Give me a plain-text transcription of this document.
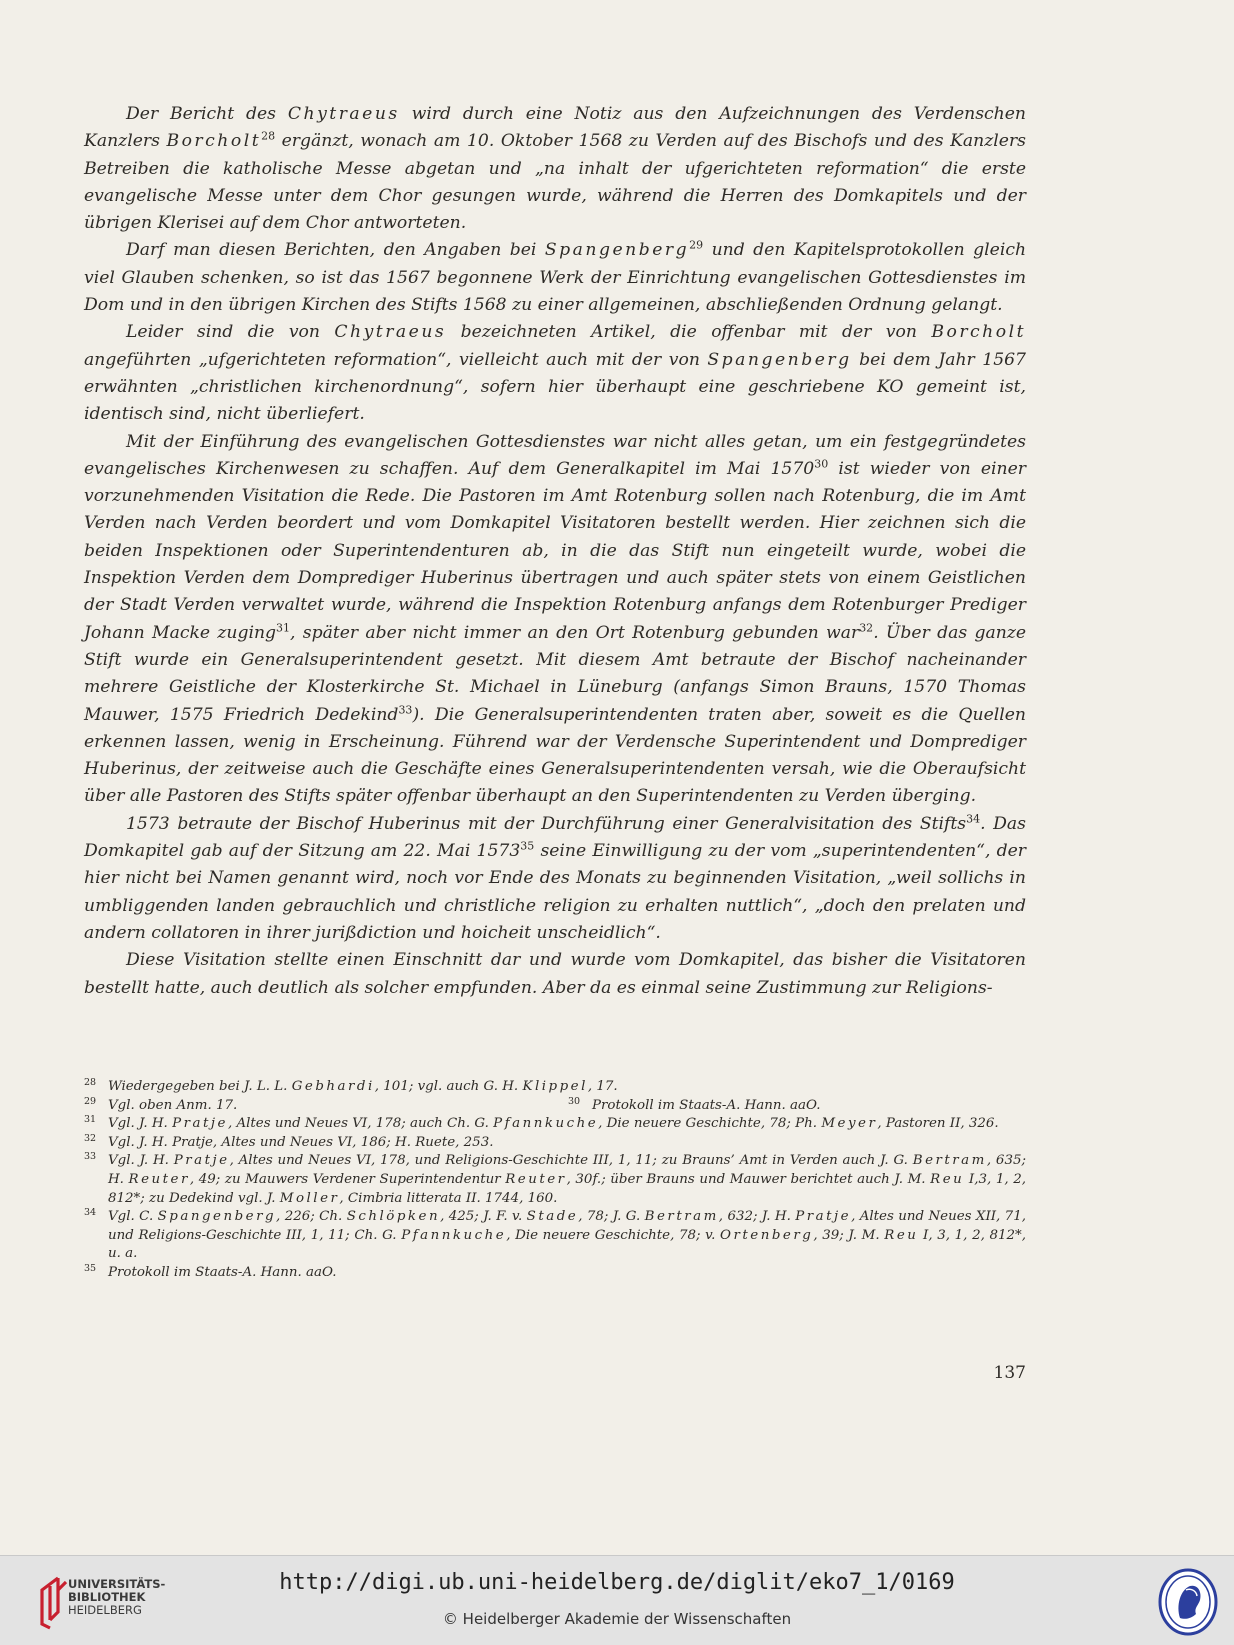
Der Bericht des Chytraeus wird durch eine Notiz aus den Aufzeichnungen des Verdenschen Kanzlers Borcholt$^{28}$ ergänzt, wonach am 10. Oktober 1568 zu Verden auf des Bischofs und des Kanzlers Betreiben die katholische Messe abgetan und „na inhalt der ufgerichteten reformation“ die erste evangelische Messe unter dem Chor gesungen wurde, während die Herren des Domkapitels und der übrigen Klerisei auf dem Chor antworteten.

Darf man diesen Berichten, den Angaben bei Spangenberg$^{29}$ und den Kapitelsprotokollen gleich viel Glauben schenken, so ist das 1567 begonnene Werk der Einrichtung evangelischen Gottesdienstes im Dom und in den übrigen Kirchen des Stifts 1568 zu einer allgemeinen, abschließenden Ordnung gelangt.

Leider sind die von Chytraeus bezeichneten Artikel, die offenbar mit der von Borcholt angeführten „ufgerichteten reformation“, vielleicht auch mit der von Spangenberg bei dem Jahr 1567 erwähnten „christlichen kirchenordnung“, sofern hier überhaupt eine geschriebene KO gemeint ist, identisch sind, nicht überliefert.

Mit der Einführung des evangelischen Gottesdienstes war nicht alles getan, um ein festgegründetes evangelisches Kirchenwesen zu schaffen. Auf dem Generalkapitel im Mai 1570$^{30}$ ist wieder von einer vorzunehmenden Visitation die Rede. Die Pastoren im Amt Rotenburg sollen nach Rotenburg, die im Amt Verden nach Verden beordert und vom Domkapitel Visitatoren bestellt werden. Hier zeichnen sich die beiden Inspektionen oder Superintendenturen ab, in die das Stift nun eingeteilt wurde, wobei die Inspektion Verden dem Domprediger Huberinus übertragen und auch später stets von einem Geistlichen der Stadt Verden verwaltet wurde, während die Inspektion Rotenburg anfangs dem Rotenburger Prediger Johann Macke zuging$^{31}$, später aber nicht immer an den Ort Rotenburg gebunden war$^{32}$. Über das ganze Stift wurde ein Generalsuperintendent gesetzt. Mit diesem Amt betraute der Bischof nacheinander mehrere Geistliche der Klosterkirche St. Michael in Lüneburg (anfangs Simon Brauns, 1570 Thomas Mauwer, 1575 Friedrich Dedekind$^{33}$). Die Generalsuperintendenten traten aber, soweit es die Quellen erkennen lassen, wenig in Erscheinung. Führend war der Verdensche Superintendent und Domprediger Huberinus, der zeitweise auch die Geschäfte eines Generalsuperintendenten versah, wie die Oberaufsicht über alle Pastoren des Stifts später offenbar überhaupt an den Superintendenten zu Verden überging.

1573 betraute der Bischof Huberinus mit der Durchführung einer Generalvisitation des Stifts$^{34}$. Das Domkapitel gab auf der Sitzung am 22. Mai 1573$^{35}$ seine Einwilligung zu der vom „superintendenten“, der hier nicht bei Namen genannt wird, noch vor Ende des Monats zu beginnenden Visitation, „weil sollichs in umbliggenden landen gebrauchlich und christliche religion zu erhalten nuttlich“, „doch den prelaten und andern collatoren in ihrer jurißdiction und hoicheit unscheidlich“.

Diese Visitation stellte einen Einschnitt dar und wurde vom Domkapitel, das bisher die Visitatoren bestellt hatte, auch deutlich als solcher empfunden. Aber da es einmal seine Zustimmung zur Religions-

28 Wiedergegeben bei J. L. L. Gebhardi, 101; vgl. auch G. H. Klippel, 17.
29 Vgl. oben Anm. 17.	30 Protokoll im Staats-A. Hann. aaO.
31 Vgl. J. H. Pratje, Altes und Neues VI, 178; auch Ch. G. Pfannkuche, Die neuere Geschichte, 78; Ph. Meyer, Pastoren II, 326.
32 Vgl. J. H. Pratje, Altes und Neues VI, 186; H. Ruete, 253.
33 Vgl. J. H. Pratje, Altes und Neues VI, 178, und Religions-Geschichte III, 1, 11; zu Brauns’ Amt in Verden auch J. G. Bertram, 635; H. Reuter, 49; zu Mauwers Verdener Superintendentur Reuter, 30f.; über Brauns und Mauwer berichtet auch J. M. Reu I,3, 1, 2, 812*; zu Dedekind vgl. J. Moller, Cimbria litterata II. 1744, 160.
34 Vgl. C. Spangenberg, 226; Ch. Schlöpken, 425; J. F. v. Stade, 78; J. G. Bertram, 632; J. H. Pratje, Altes und Neues XII, 71, und Religions-Geschichte III, 1, 11; Ch. G. Pfannkuche, Die neuere Geschichte, 78; v. Ortenberg, 39; J. M. Reu I, 3, 1, 2, 812*, u. a.
35 Protokoll im Staats-A. Hann. aaO.
137
UNIVERSITÄTS-
BIBLIOTHEK
HEIDELBERG
http://digi.ub.uni-heidelberg.de/diglit/eko7_1/0169
© Heidelberger Akademie der Wissenschaften
